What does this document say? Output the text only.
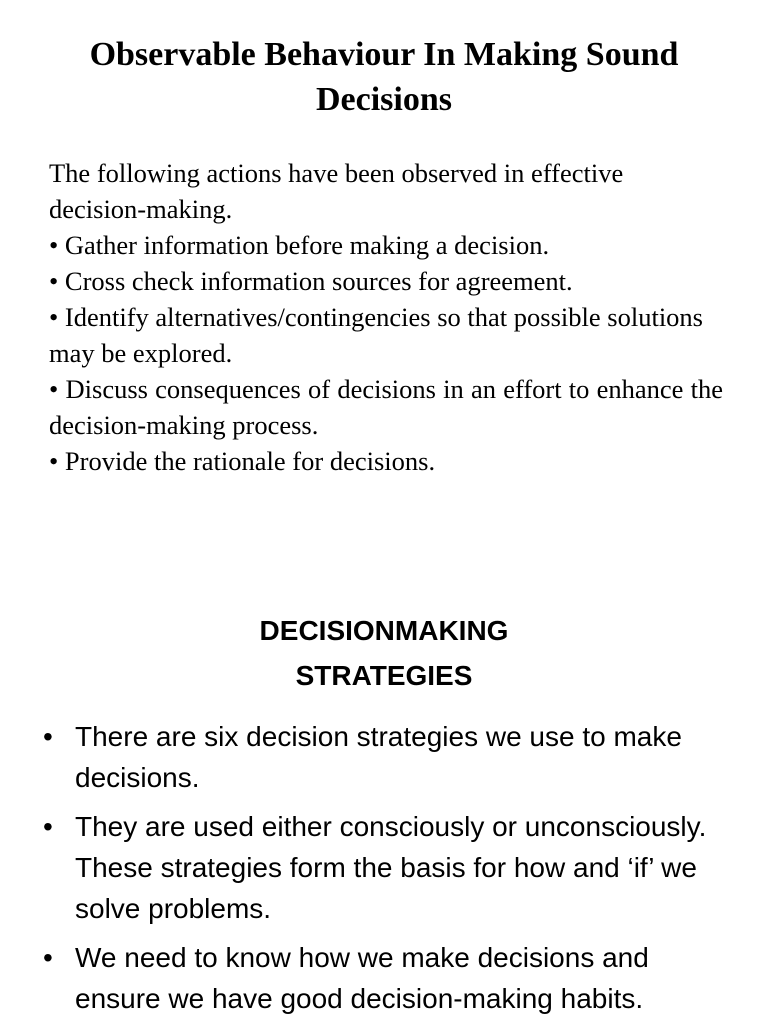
Observable Behaviour In Making Sound Decisions

The following actions have been observed in effective decision-making.

• Gather information before making a decision.

• Cross check information sources for agreement.

• Identify alternatives/contingencies so that possible solutions may be explored.

• Discuss consequences of decisions in an effort to enhance the decision-making process.

• Provide the rationale for decisions.

DECISIONMAKING
STRATEGIES
• There are six decision strategies we use to make decisions.
• They are used either consciously or unconsciously. These strategies form the basis for how and ‘if’ we solve problems.
• We need to know how we make decisions and ensure we have good decision-making habits.
